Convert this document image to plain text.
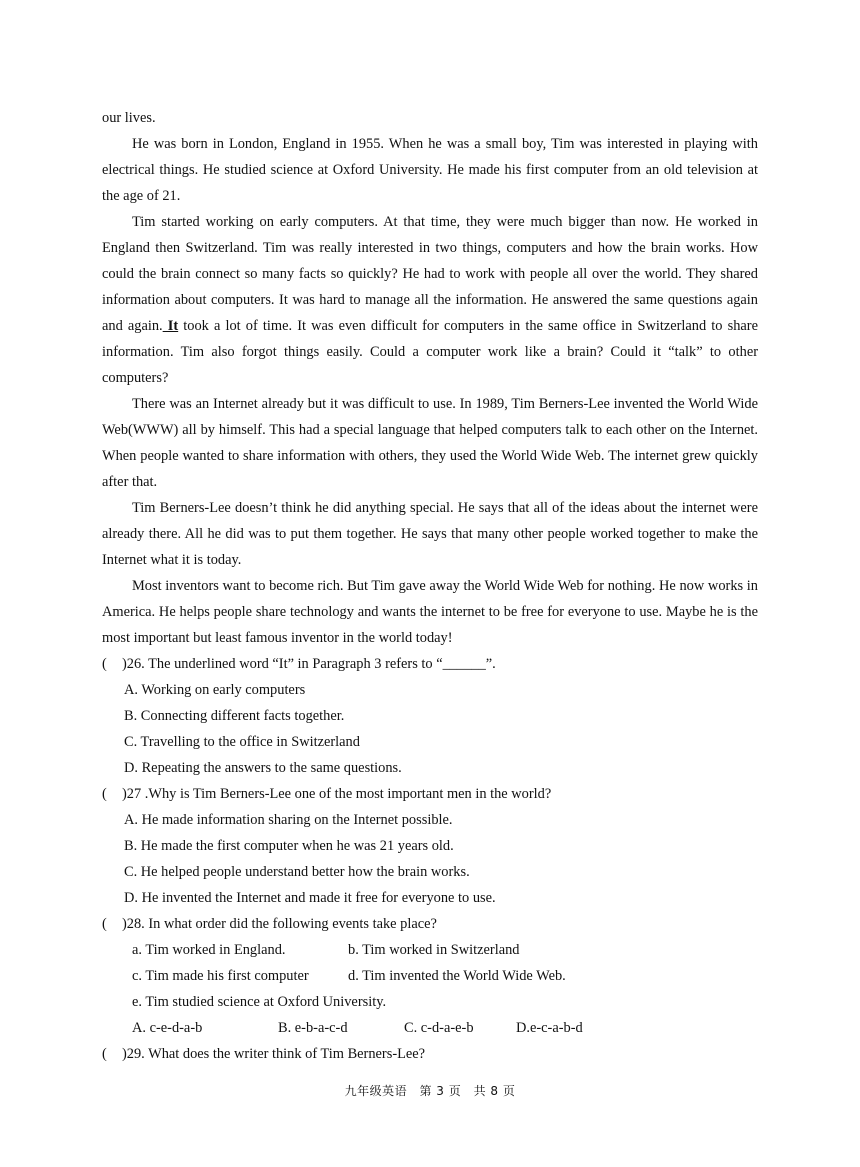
our lives.

He was born in London, England in 1955. When he was a small boy, Tim was interested in playing with electrical things. He studied science at Oxford University. He made his first computer from an old television at the age of 21.

Tim started working on early computers. At that time, they were much bigger than now. He worked in England then Switzerland. Tim was really interested in two things, computers and how the brain works. How could the brain connect so many facts so quickly? He had to work with people all over the world. They shared information about computers. It was hard to manage all the information. He answered the same questions again and again. It took a lot of time. It was even difficult for computers in the same office in Switzerland to share information. Tim also forgot things easily. Could a computer work like a brain? Could it “talk” to other computers?

There was an Internet already but it was difficult to use. In 1989, Tim Berners-Lee invented the World Wide Web(WWW) all by himself. This had a special language that helped computers talk to each other on the Internet. When people wanted to share information with others, they used the World Wide Web. The internet grew quickly after that.

Tim Berners-Lee doesn’t think he did anything special. He says that all of the ideas about the internet were already there. All he did was to put them together. He says that many other people worked together to make the Internet what it is today.

Most inventors want to become rich. But Tim gave away the World Wide Web for nothing. He now works in America. He helps people share technology and wants the internet to be free for everyone to use. Maybe he is the most important but least famous inventor in the world today!

( )26. The underlined word “It” in Paragraph 3 refers to “______”.

A. Working on early computers

B. Connecting different facts together.

C. Travelling to the office in Switzerland

D. Repeating the answers to the same questions.

( )27 .Why is Tim Berners-Lee one of the most important men in the world?

A. He made information sharing on the Internet possible.

B. He made the first computer when he was 21 years old.

C. He helped people understand better how the brain works.

D. He invented the Internet and made it free for everyone to use.

( )28. In what order did the following events take place?

a. Tim worked in England.	b. Tim worked in Switzerland

c. Tim made his first computer	d. Tim invented the World Wide Web.

e. Tim studied science at Oxford University.

A. c-e-d-a-b	B. e-b-a-c-d	C. c-d-a-e-b	D.e-c-a-b-d

( )29. What does the writer think of Tim Berners-Lee?

九年级英语 第 3 页 共 8 页
